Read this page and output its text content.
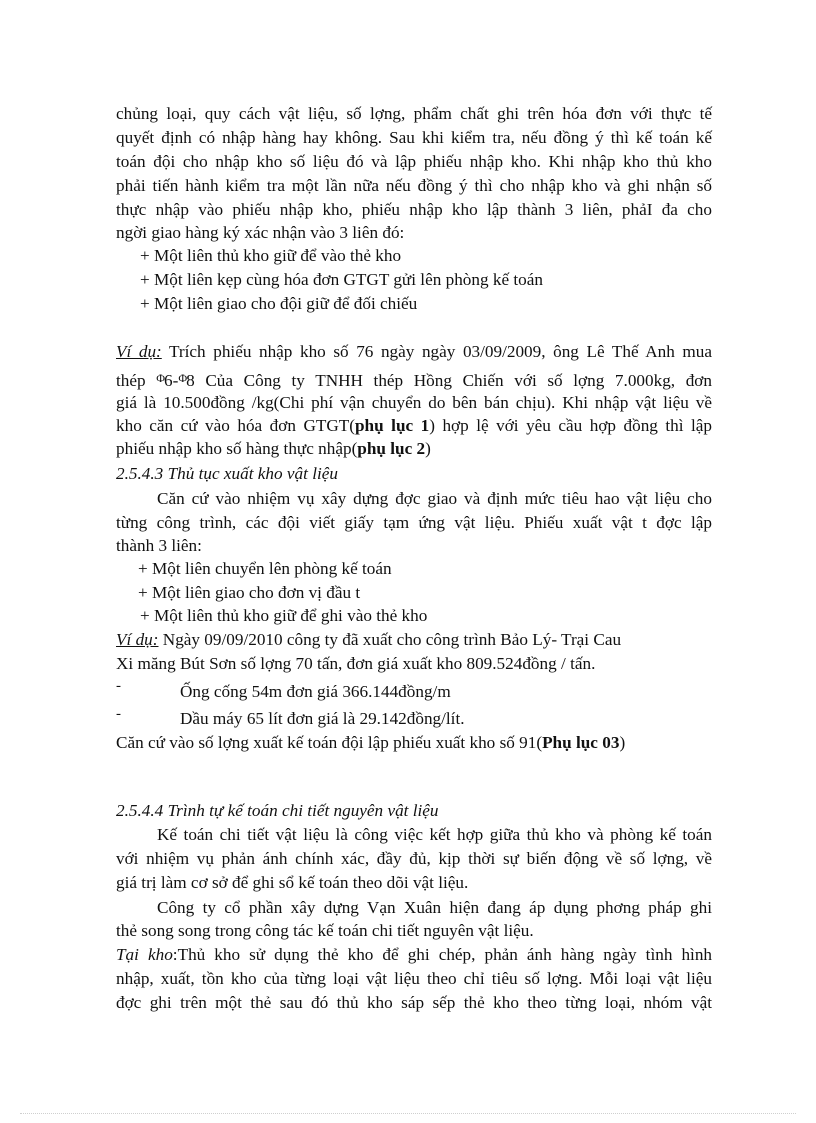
chủng loại, quy cách vật liệu, số lợng, phẩm chất ghi trên hóa đơn với thực tế
quyết định có nhập hàng hay không. Sau khi kiểm tra, nếu đồng ý thì kế toán kế
toán đội cho nhập kho số liệu đó và lập phiếu nhập kho. Khi nhập kho thủ kho
phải tiến hành kiểm tra một lần nữa nếu đồng ý thì cho nhập kho và ghi nhận số
thực nhập vào phiếu nhập kho, phiếu nhập kho lập thành 3 liên, phảI đa cho
ngời giao hàng ký xác nhận vào 3 liên đó:
+ Một liên thủ kho giữ để vào thẻ kho
+ Một liên kẹp cùng hóa đơn GTGT gửi lên phòng kế toán
+ Một liên giao cho đội giữ để đối chiếu
Ví dụ: Trích phiếu nhập kho số 76 ngày ngày 03/09/2009, ông Lê Thế Anh mua
thép $^\Phi$6-$^\Phi$8 Của Công ty TNHH thép Hồng Chiến với số lợng 7.000kg, đơn
giá là 10.500đồng /kg(Chi phí vận chuyển do bên bán chịu). Khi nhập vật liệu về
kho căn cứ vào hóa đơn GTGT(phụ lục 1) hợp lệ với yêu cầu hợp đồng thì lập
phiếu nhập kho số hàng thực nhập(phụ lục 2)
2.5.4.3 Thủ tục xuất kho vật liệu
Căn cứ vào nhiệm vụ xây dựng đợc giao và định mức tiêu hao vật liệu cho
từng công trình, các đội viết giấy tạm ứng vật liệu. Phiếu xuất vật t đợc lập
thành 3 liên:
+ Một liên chuyển lên phòng kế toán
+ Một liên giao cho đơn vị đầu t
+ Một liên thủ kho giữ để ghi vào thẻ kho
Ví dụ: Ngày 09/09/2010 công ty đã xuất cho công trình Bảo Lý- Trại Cau
Xi măng Bút Sơn số lợng 70 tấn, đơn giá xuất kho 809.524đồng / tấn.
-	Ống cống 54m đơn giá 366.144đồng/m
-	Dầu máy 65 lít đơn giá là 29.142đồng/lít.
Căn cứ vào số lợng xuất kế toán đội lập phiếu xuất kho số 91(Phụ lục 03)
2.5.4.4 Trình tự kế toán chi tiết nguyên vật liệu
Kế toán chi tiết vật liệu là công việc kết hợp giữa thủ kho và phòng kế toán
với nhiệm vụ phản ánh chính xác, đầy đủ, kịp thời sự biến động về số lợng, về
giá trị làm cơ sở để ghi sổ kế toán theo dõi vật liệu.
Công ty cổ phần xây dựng Vạn Xuân hiện đang áp dụng phơng pháp ghi
thẻ song song trong công tác kế toán chi tiết nguyên vật liệu.
Tại kho:Thủ kho sử dụng thẻ kho để ghi chép, phản ánh hàng ngày tình hình
nhập, xuất, tồn kho của từng loại vật liệu theo chỉ tiêu số lợng. Mỗi loại vật liệu
đợc ghi trên một thẻ sau đó thủ kho sáp sếp thẻ kho theo từng loại, nhóm vật
